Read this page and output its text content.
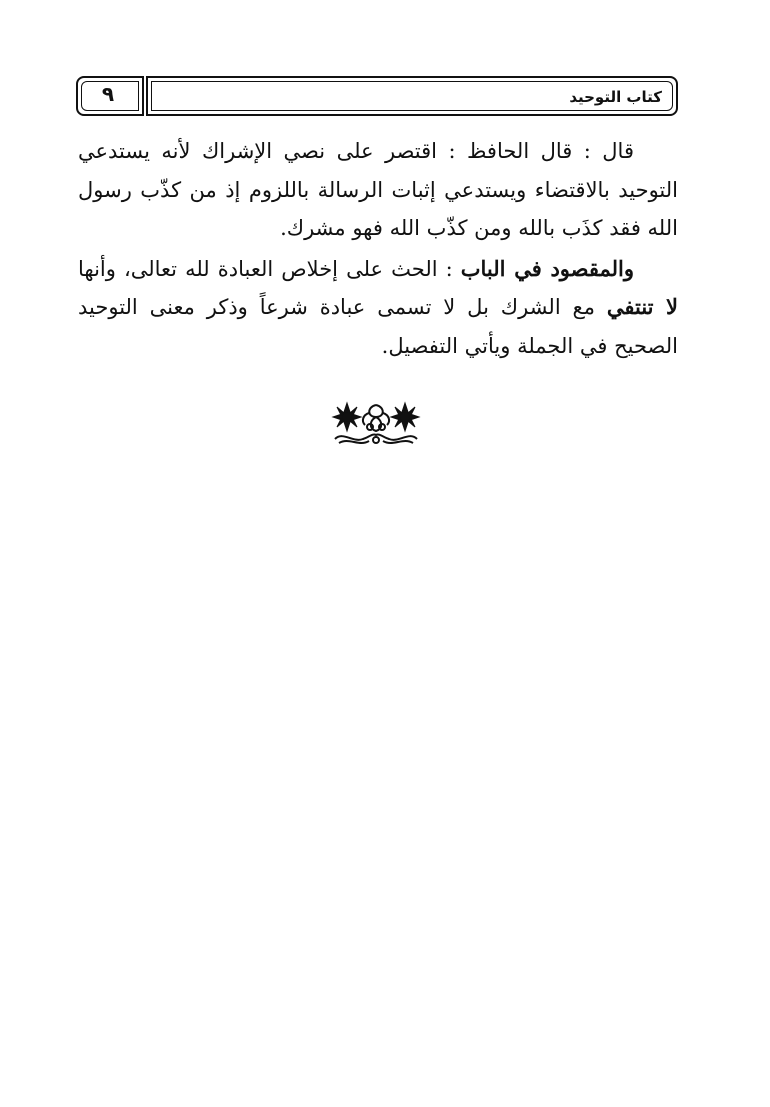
٩	كتاب التوحيد

قال : قال الحافظ : اقتصر على نصي الإشراك لأنه يستدعي التوحيد بالاقتضاء ويستدعي إثبات الرسالة باللزوم إذ من كذّب رسول الله فقد كذَب بالله ومن كذّب الله فهو مشرك.

والمقصود في الباب : الحث على إخلاص العبادة لله تعالى، وأنها لا تنتفي مع الشرك بل لا تسمى عبادة شرعاً وذكر معنى التوحيد الصحيح في الجملة ويأتي التفصيل.
